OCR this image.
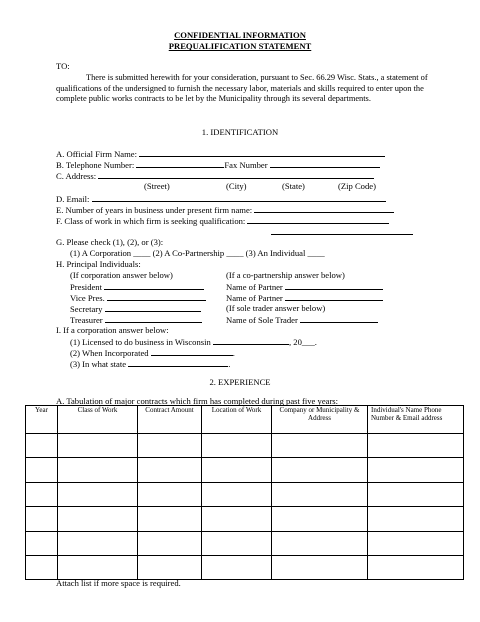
CONFIDENTIAL INFORMATION
PREQUALIFICATION STATEMENT
TO:

There is submitted herewith for your consideration, pursuant to Sec. 66.29 Wisc. Stats., a statement of qualifications of the undersigned to furnish the necessary labor, materials and skills required to enter upon the complete public works contracts to be let by the Municipality through its several departments.

1. IDENTIFICATION
A. Official Firm Name:
B. Telephone Number:	Fax Number
C. Address:
(Street)	(City)	(State)	(Zip Code)
D. Email:
E. Number of years in business under present firm name:
F. Class of work in which firm is seeking qualification:
G. Please check (1), (2), or (3):
(1) A Corporation ____ (2) A Co-Partnership ____ (3) An Individual ____
H. Principal Individuals:
(If corporation answer below)	(If a co-partnership answer below)
President	Name of Partner
Vice Pres.	Name of Partner
Secretary	(If sole trader answer below)
Treasurer	Name of Sole Trader
I. If a corporation answer below:
(1) Licensed to do business in Wisconsin	, 20___.
(2) When Incorporated	.
(3) In what state	.
2. EXPERIENCE
A. Tabulation of major contracts which firm has completed during past five years:
Year	Class of Work	Contract Amount	Location of Work	Company or Municipality & Address	Individual's Name Phone Number & Email address

Attach list if more space is required.
